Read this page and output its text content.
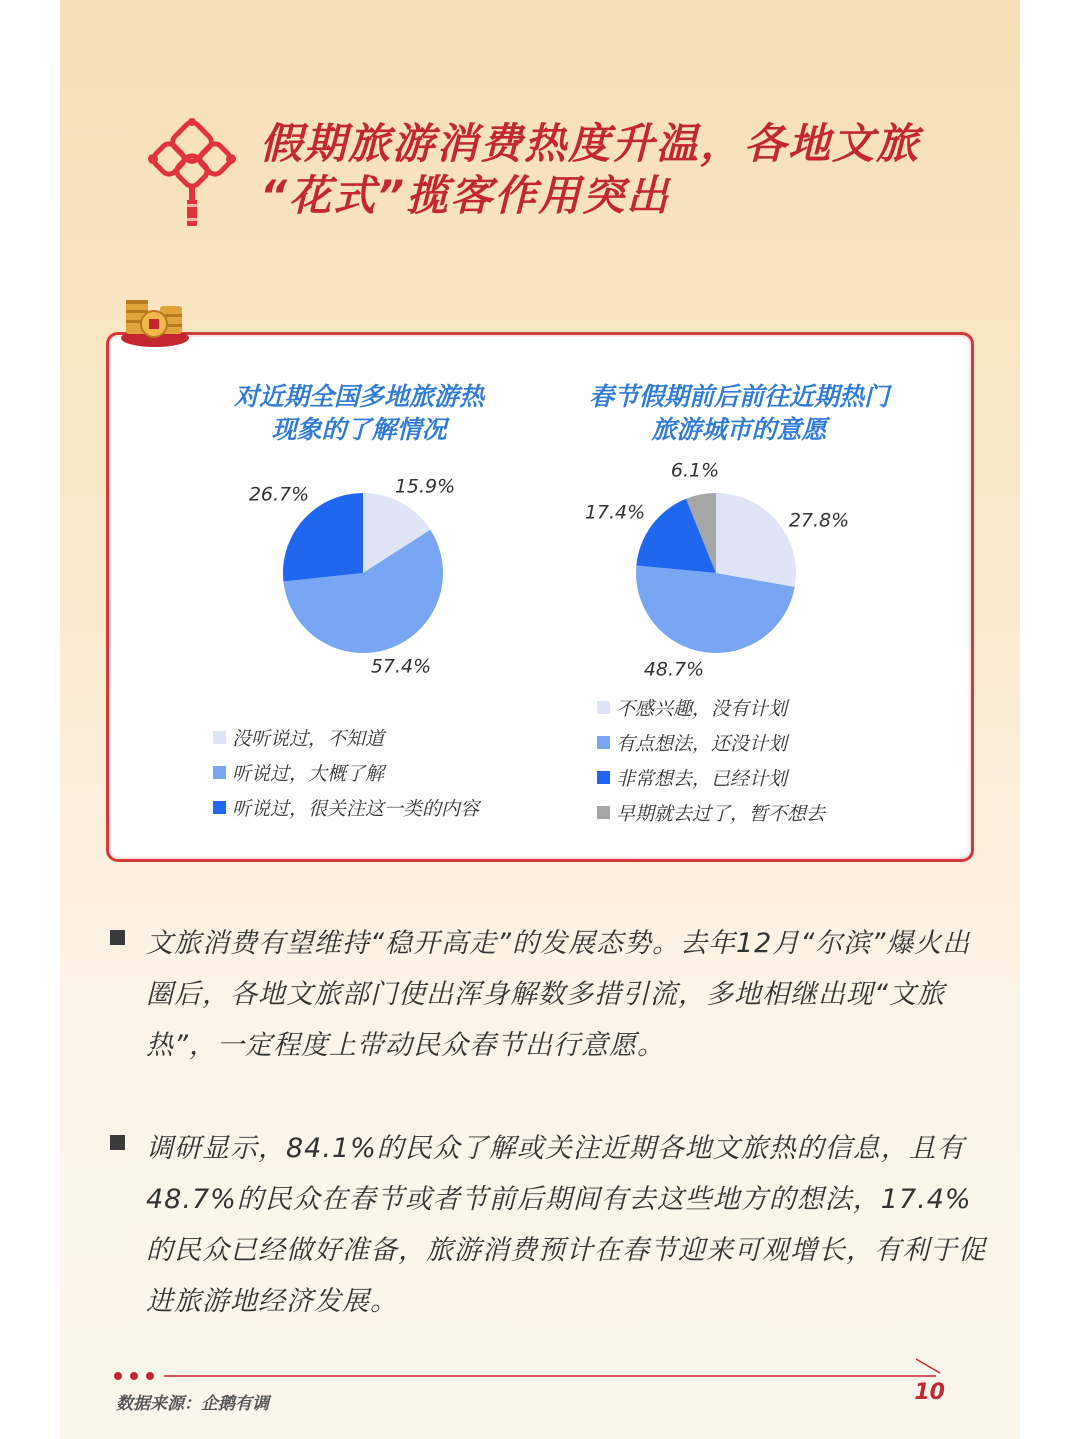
假期旅游消费热度升温，各地文旅
“花式”揽客作用突出
15.9%
57.4%
26.7%
27.8%
48.7%
17.4%
6.1%
对近期全国多地旅游热
现象的了解情况
春节假期前后前往近期热门
旅游城市的意愿
没听说过，不知道
听说过，大概了解
听说过，很关注这一类的内容
不感兴趣，没有计划
有点想法，还没计划
非常想去，已经计划
早期就去过了，暂不想去
文旅消费有望维持“稳开高走”的发展态势。去年12月“尔滨”爆火出圈后，各地文旅部门使出浑身解数多措引流，多地相继出现“文旅热”，一定程度上带动民众春节出行意愿。
调研显示，84.1%的民众了解或关注近期各地文旅热的信息，且有48.7%的民众在春节或者节前后期间有去这些地方的想法，17.4%的民众已经做好准备，旅游消费预计在春节迎来可观增长，有利于促进旅游地经济发展。
数据来源：企鹅有调	10
